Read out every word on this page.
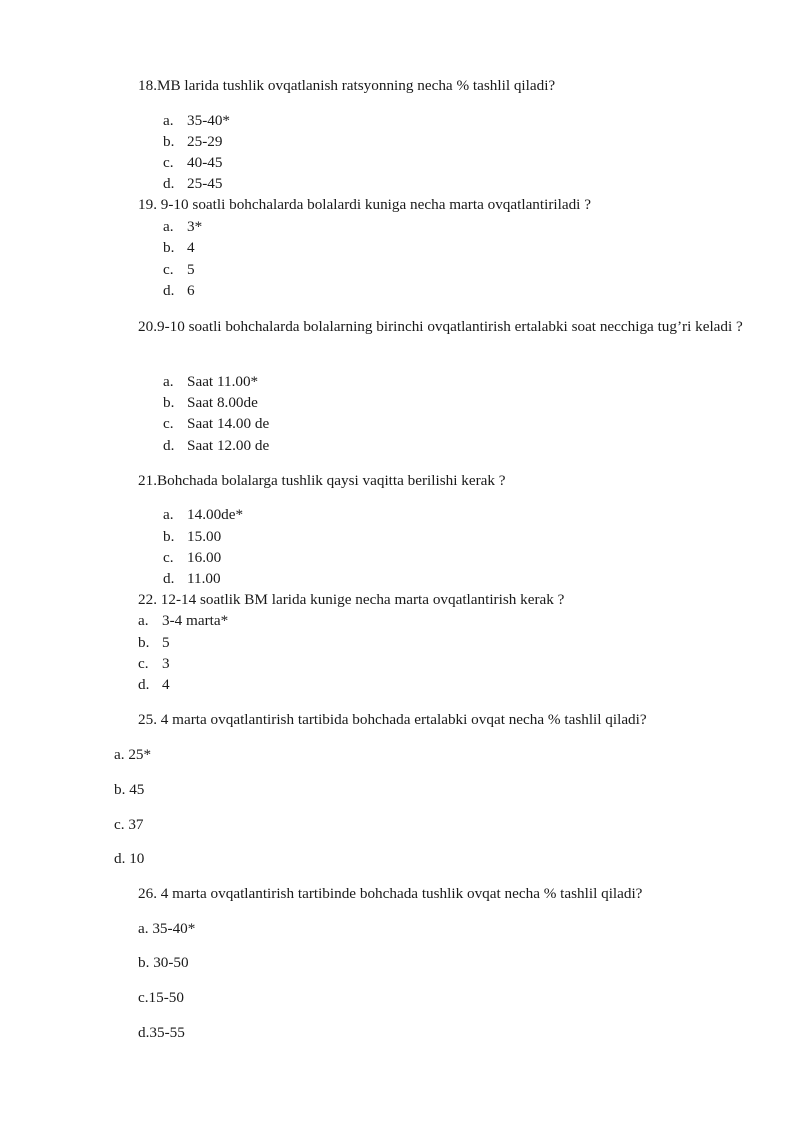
18.MB larida tushlik ovqatlanish ratsyonning necha % tashlil qiladi?
a. 35-40*
b. 25-29
c. 40-45
d. 25-45
19. 9-10 soatli bohchalarda bolalardi kuniga necha marta ovqatlantiriladi ?
a. 3*
b. 4
c. 5
d. 6
20.9-10 soatli bohchalarda bolalarning birinchi ovqatlantirish ertalabki soat necchiga tug’ri keladi ?
a. Saat 11.00*
b. Saat 8.00de
c. Saat 14.00 de
d. Saat 12.00 de
21.Bohchada bolalarga tushlik qaysi vaqitta berilishi kerak ?
a. 14.00de*
b. 15.00
c. 16.00
d. 11.00
22. 12-14 soatlik BM larida kunige necha marta ovqatlantirish kerak ?
a. 3-4 marta*
b. 5
c. 3
d. 4
25. 4 marta ovqatlantirish tartibida bohchada ertalabki ovqat necha % tashlil qiladi?
a. 25*
b. 45
c. 37
d. 10
26. 4 marta ovqatlantirish tartibinde bohchada tushlik ovqat necha % tashlil qiladi?
a. 35-40*
b. 30-50
c.15-50
d.35-55
